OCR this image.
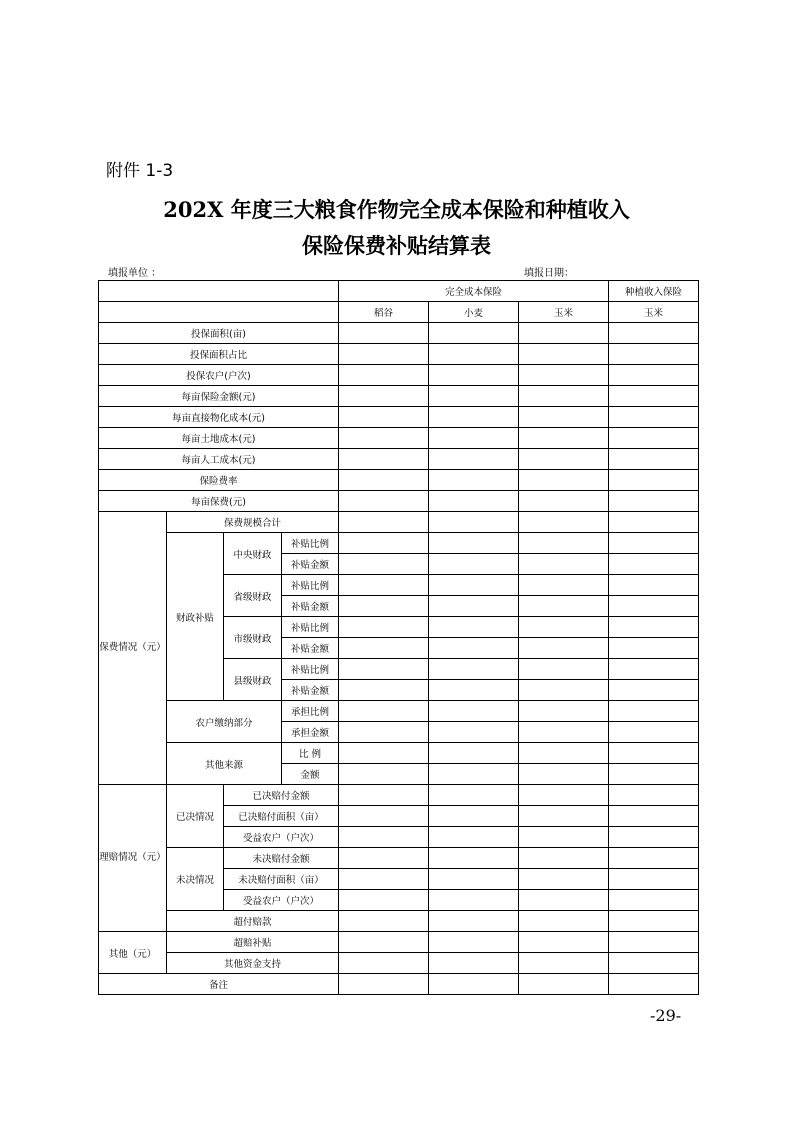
附件 1-3
202X 年度三大粮食作物完全成本保险和种植收入
保险保费补贴结算表
填报单位 ：	填报日期：
				完全成本保险			种植收入保险
				稻谷	小麦	玉米	玉米
投保面积(亩)							
投保面积占比							
投保农户(户次)							
每亩保险金额(元)							
每亩直接物化成本(元)							
每亩土地成本(元)							
每亩人工成本(元)							
保险费率							
每亩保费(元)							
保费情况（元）	保费规模合计						
	财政补贴	中央财政	补贴比例				
			补贴金额				
		省级财政	补贴比例				
			补贴金额				
		市级财政	补贴比例				
			补贴金额				
		县级财政	补贴比例				
			补贴金额				
	农户缴纳部分		承担比例				
			承担金额				
	其他来源		比 例				
			金额				
理赔情况（元）	已决情况	已决赔付金额					
		已决赔付面积（亩）					
		受益农户（户次）					
	未决情况	未决赔付金额					
		未决赔付面积（亩）					
		受益农户（户次）					
	超付赔款						
其他（元）	超赔补贴						
	其他资金支持						
备注							
-29-
